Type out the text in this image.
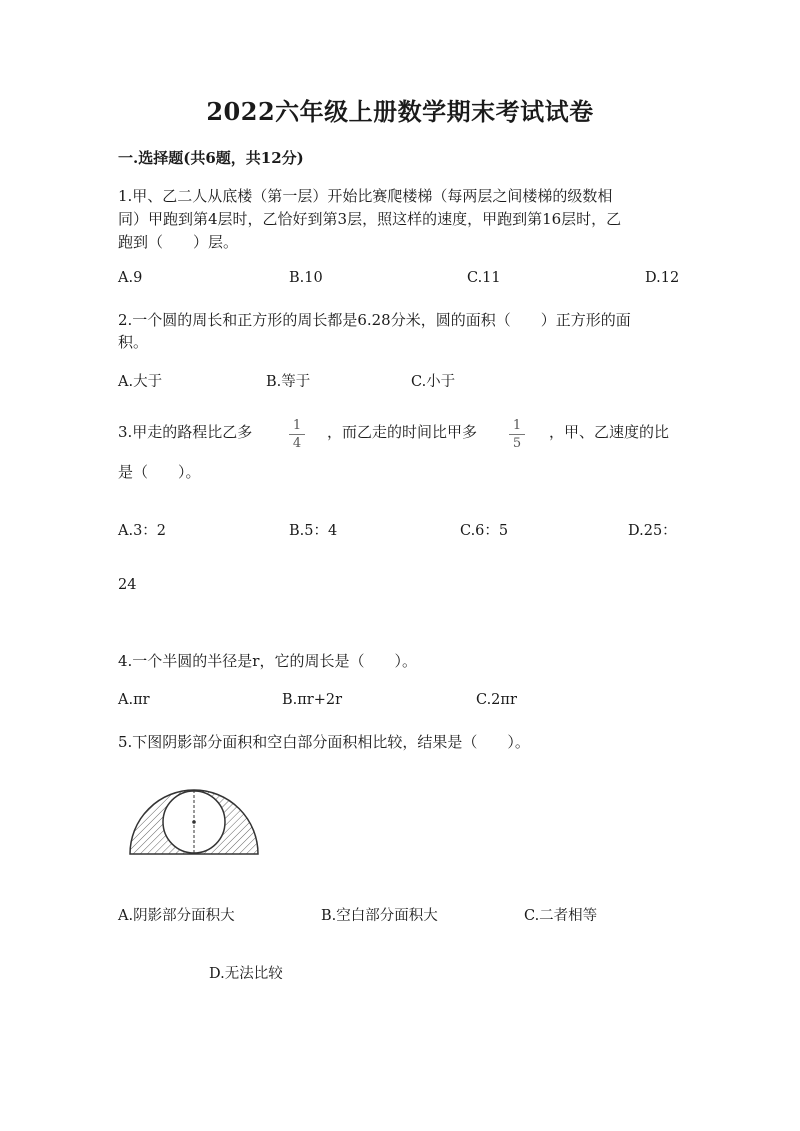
2022六年级上册数学期末考试试卷
一.选择题(共6题，共12分)
1.甲、乙二人从底楼（第一层）开始比赛爬楼梯（每两层之间楼梯的级数相
同）甲跑到第4层时，乙恰好到第3层，照这样的速度，甲跑到第16层时，乙
跑到（　　）层。
A.9	B.10	C.11	D.12
2.一个圆的周长和正方形的周长都是6.28分米，圆的面积（　　）正方形的面
积。
A.大于	B.等于	C.小于
3.甲走的路程比乙多	1
4
，而乙走的时间比甲多	1
5
，甲、乙速度的比
是（　　）。
A.3：2	B.5：4	C.6：5	D.25：
24
4.一个半圆的半径是r，它的周长是（　　）。
A.πr	B.πr+2r	C.2πr
5.下图阴影部分面积和空白部分面积相比较，结果是（　　）。
A.阴影部分面积大	B.空白部分面积大	C.二者相等
D.无法比较
